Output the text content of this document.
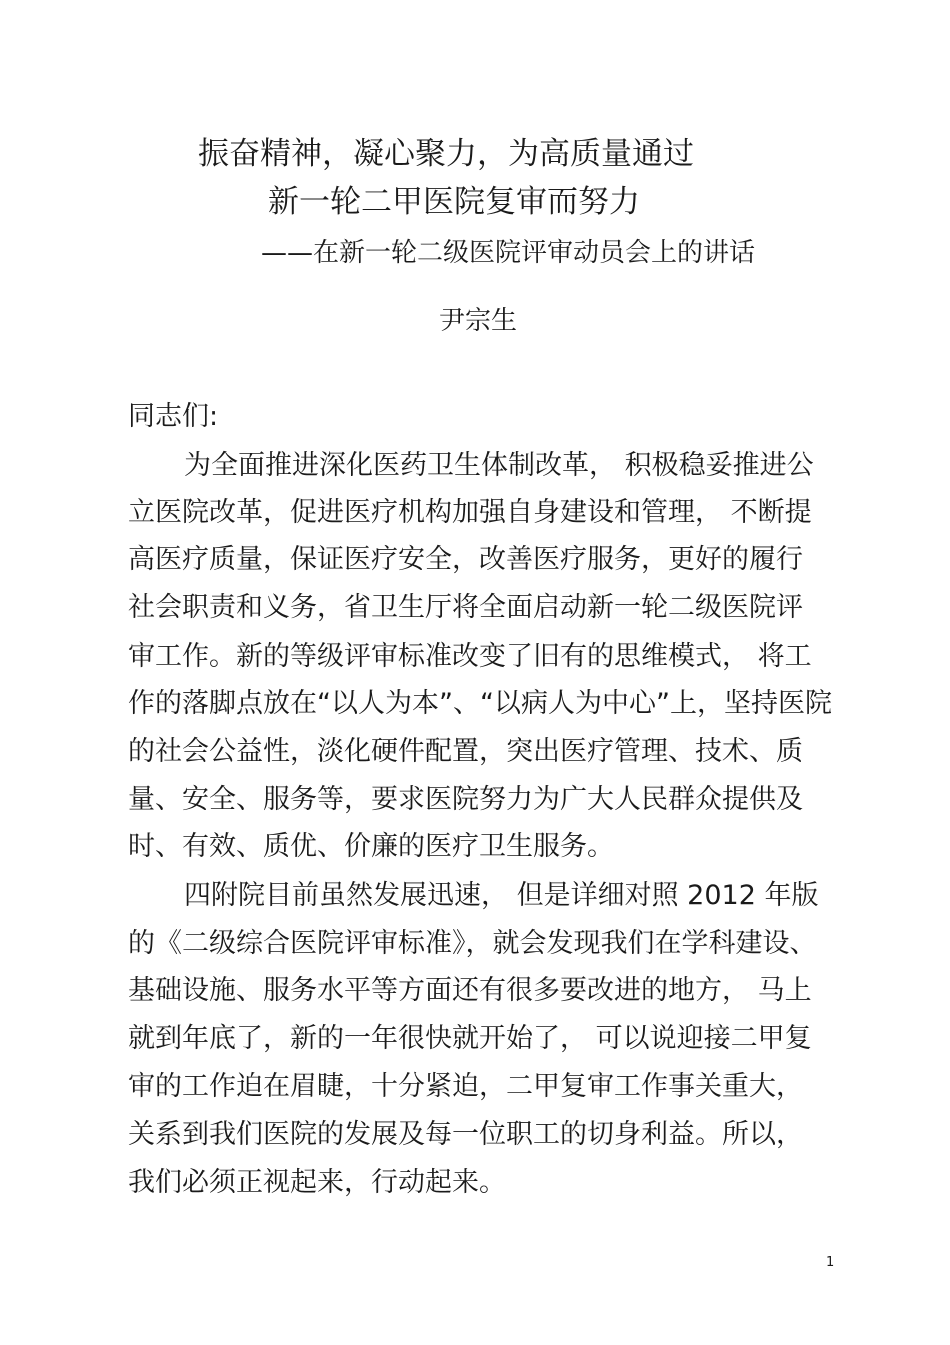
振奋精神，凝心聚力，为高质量通过
新一轮二甲医院复审而努力
——在新一轮二级医院评审动员会上的讲话
尹宗生
同志们:
为全面推进深化医药卫生体制改革， 积极稳妥推进公
立医院改革，促进医疗机构加强自身建设和管理， 不断提
高医疗质量，保证医疗安全，改善医疗服务，更好的履行
社会职责和义务，省卫生厅将全面启动新一轮二级医院评
审工作。新的等级评审标准改变了旧有的思维模式， 将工
作的落脚点放在“以人为本”、“以病人为中心”上，坚持医院
的社会公益性，淡化硬件配置，突出医疗管理、技术、质
量、安全、服务等，要求医院努力为广大人民群众提供及
时、有效、质优、价廉的医疗卫生服务。
四附院目前虽然发展迅速， 但是详细对照 2012 年版
的《二级综合医院评审标准》，就会发现我们在学科建设、
基础设施、服务水平等方面还有很多要改进的地方， 马上
就到年底了，新的一年很快就开始了， 可以说迎接二甲复
审的工作迫在眉睫，十分紧迫，二甲复审工作事关重大，
关系到我们医院的发展及每一位职工的切身利益。所以，
我们必须正视起来，行动起来。
1
